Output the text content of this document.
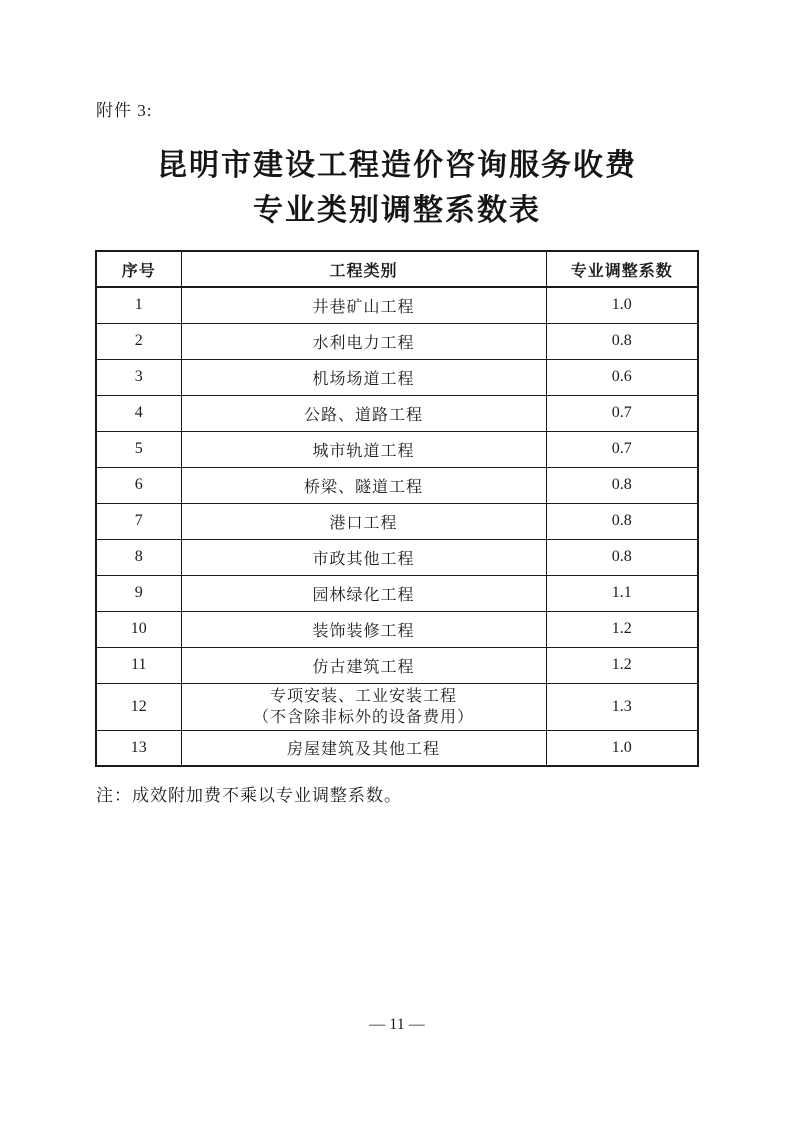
附件 3:
昆明市建设工程造价咨询服务收费
专业类别调整系数表
序号	工程类别	专业调整系数
1	井巷矿山工程	1.0
2	水利电力工程	0.8
3	机场场道工程	0.6
4	公路、道路工程	0.7
5	城市轨道工程	0.7
6	桥梁、隧道工程	0.8
7	港口工程	0.8
8	市政其他工程	0.8
9	园林绿化工程	1.1
10	装饰装修工程	1.2
11	仿古建筑工程	1.2
12	专项安装、工业安装工程
（不含除非标外的设备费用）	1.3
13	房屋建筑及其他工程	1.0
注：成效附加费不乘以专业调整系数。
— 11 —
